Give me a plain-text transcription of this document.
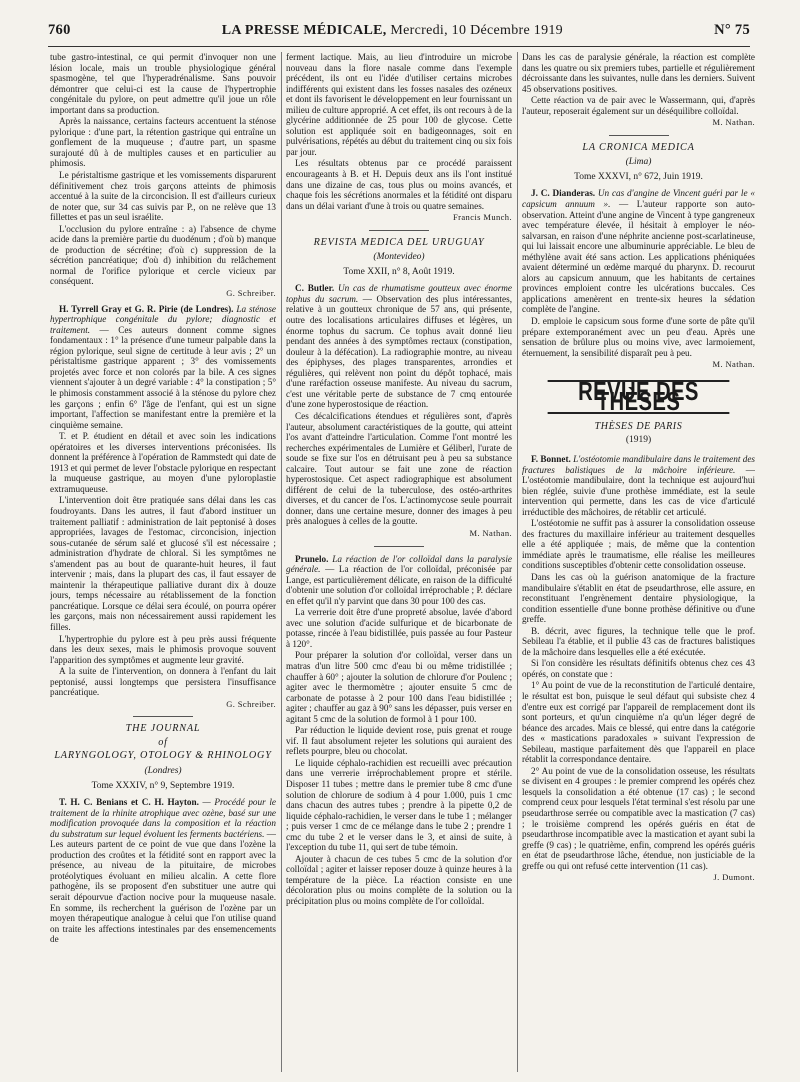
760	LA PRESSE MÉDICALE, Mercredi, 10 Décembre 1919	N° 75

tube gastro-intestinal, ce qui permit d'invoquer non une lésion locale, mais un trouble physiologique général spasmogène, tel que l'hyperadrénalisme. Sans pouvoir démontrer que celui-ci est la cause de l'hypertrophie congénitale du pylore, on peut admettre qu'il joue un rôle important dans sa production.

Après la naissance, certains facteurs accentuent la sténose pylorique : d'une part, la rétention gastrique qui entraîne un gonflement de la muqueuse ; d'autre part, un spasme surajouté dû à de multiples causes et en particulier au phimosis.

Le péristaltisme gastrique et les vomissements disparurent définitivement chez trois garçons atteints de phimosis accentué à la suite de la circoncision. Il est d'ailleurs curieux de noter que, sur 34 cas suivis par P., on ne relève que 13 fillettes et pas un seul israélite.

L'occlusion du pylore entraîne : a) l'absence de chyme acide dans la première partie du duodénum ; d'où b) manque de production de sécrétine; d'où c) suppression de la sécrétion pancréatique; d'où d) inhibition du relâchement normal de l'orifice pylorique et cercle vicieux par conséquent.

G. Schreiber.

H. Tyrrell Gray et G. R. Pirie (de Londres). La sténose hypertrophique congénitale du pylore; diagnostic et traitement. — Ces auteurs donnent comme signes fondamentaux : 1° la présence d'une tumeur palpable dans la région pylorique, seul signe de certitude à leur avis ; 2° un péristaltisme gastrique apparent ; 3° des vomissements projetés avec force et non colorés par la bile. A ces signes viennent s'ajouter à un degré variable : 4° la constipation ; 5° le phimosis constamment associé à la sténose du pylore chez les garçons ; enfin 6° l'âge de l'enfant, qui est un signe important, l'affection se manifestant entre la première et la cinquième semaine.

T. et P. étudient en détail et avec soin les indications opératoires et les diverses interventions préconisées. Ils donnent la préférence à l'opération de Rammstedt qui date de 1913 et qui permet de lever l'obstacle pylorique en respectant la muqueuse gastrique, au moyen d'une pyloroplastie extramuqueuse.

L'intervention doit être pratiquée sans délai dans les cas foudroyants. Dans les autres, il faut d'abord instituer un traitement palliatif : administration de lait peptonisé à doses appropriées, lavages de l'estomac, circoncision, injection sous-cutanée de sérum salé et glucosé s'il est nécessaire ; administration d'hydrate de chloral. Si les symptômes ne s'amendent pas au bout de quarante-huit heures, il faut intervenir ; mais, dans la plupart des cas, il faut essayer de maintenir la thérapeutique palliative durant dix à douze jours, temps nécessaire au rétablissement de la fonction pancréatique. Lorsque ce délai sera écoulé, on pourra opérer les garçons, mais non nécessairement aussi rapidement les filles.

L'hypertrophie du pylore est à peu près aussi fréquente dans les deux sexes, mais le phimosis provoque souvent l'apparition des symptômes et augmente leur gravité.

A la suite de l'intervention, on donnera à l'enfant du lait peptonisé, aussi longtemps que persistera l'insuffisance pancréatique.

G. Schreiber.
THE JOURNAL
of
LARYNGOLOGY, OTOLOGY & RHINOLOGY
(Londres)
Tome XXXIV, n° 9, Septembre 1919.

T. H. C. Benians et C. H. Hayton. — Procédé pour le traitement de la rhinite atrophique avec ozène, basé sur une modification provoquée dans la composition et la réaction du substratum sur lequel évoluent les ferments bactériens. — Les auteurs partent de ce point de vue que dans l'ozène la production des croûtes et la fétidité sont en rapport avec la présence, au niveau de la pituitaire, de microbes protéolytiques évoluant en milieu alcalin. A cette flore pathogène, ils se proposent d'en substituer une autre qui serait dépourvue d'action nocive pour la muqueuse nasale. En somme, ils recherchent la guérison de l'ozène par un moyen thérapeutique analogue à celui que l'on utilise quand on traite les affections intestinales par des ensemencements de

ferment lactique. Mais, au lieu d'introduire un microbe nouveau dans la flore nasale comme dans l'exemple précédent, ils ont eu l'idée d'utiliser certains microbes indifférents qui existent dans les fosses nasales des ozéneux et dont ils favorisent le développement en leur fournissant un milieu de culture approprié. A cet effet, ils ont recours à de la glycérine additionnée de 25 pour 100 de glycose. Cette solution est appliquée soit en badigeonnages, soit en pulvérisations, répétés au début du traitement cinq ou six fois par jour.

Les résultats obtenus par ce procédé paraissent encourageants à B. et H. Depuis deux ans ils l'ont institué dans une dizaine de cas, tous plus ou moins avancés, et chaque fois les sécrétions anormales et la fétidité ont disparu dans un délai variant d'une à trois ou quatre semaines.

Francis Munch.
REVISTA MEDICA DEL URUGUAY
(Montevideo)
Tome XXII, n° 8, Août 1919.

C. Butler. Un cas de rhumatisme goutteux avec énorme tophus du sacrum. — Observation des plus intéressantes, relative à un goutteux chronique de 57 ans, qui présente, outre des localisations articulaires diffuses et légères, un énorme tophus du sacrum. Ce tophus avait donné lieu pendant des années à des symptômes rectaux (constipation, douleur à la défécation). La radiographie montre, au niveau des épiphyses, des plages transparentes, arrondies et régulières, qui relèvent non point du dépôt tophacé, mais d'une raréfaction osseuse manifeste. Au niveau du sacrum, c'est une véritable perte de substance de 7 cmq entourée d'une zone hyperostosique de réaction.

Ces décalcifications étendues et régulières sont, d'après l'auteur, absolument caractéristiques de la goutte, qui atteint l'os avant d'atteindre l'articulation. Comme l'ont montré les recherches expérimentales de Lumière et Géliberl, l'urate de soude se fixe sur l'os en détruisant peu à peu sa substance calcaire. Tout autour se fait une zone de réaction hyperostosique. Cet aspect radiographique est absolument différent de celui de la tuberculose, des ostéo-arthrites diverses, et du cancer de l'os. L'actinomycose seule pourrait donner, dans une certaine mesure, donner des images à peu près analogues à celles de la goutte.

M. Nathan.

Prunelo. La réaction de l'or colloïdal dans la paralysie générale. — La réaction de l'or colloïdal, préconisée par Lange, est particulièrement délicate, en raison de la difficulté d'obtenir une solution d'or colloïdal irréprochable ; P. déclare en effet qu'il n'y parvint que dans 30 pour 100 des cas.

La verrerie doit être d'une propreté absolue, lavée d'abord avec une solution d'acide sulfurique et de bicarbonate de potasse, rincée à l'eau bidistillée, puis passée au four Pasteur à 120°.

Pour préparer la solution d'or colloïdal, verser dans un matras d'un litre 500 cmc d'eau bi ou même tridistillée ; chauffer à 60° ; ajouter la solution de chlorure d'or Poulenc ; agiter avec le thermomètre ; ajouter ensuite 5 cmc de carbonate de potasse à 2 pour 100 dans l'eau bidistillée ; agiter ; chauffer au gaz à 90° sans les dépasser, puis verser en agitant 5 cmc de la solution de formol à 1 pour 100.

Par réduction le liquide devient rose, puis grenat et rouge vif. Il faut absolument rejeter les solutions qui auraient des reflets pourpre, bleu ou chocolat.

Le liquide céphalo-rachidien est recueilli avec précaution dans une verrerie irréprochablement propre et stérile. Disposer 11 tubes ; mettre dans le premier tube 8 cmc d'une solution de chlorure de sodium à 4 pour 1.000, puis 1 cmc dans chacun des autres tubes ; prendre à la pipette 0,2 de liquide céphalo-rachidien, le verser dans le tube 1 ; mélanger ; puis verser 1 cmc de ce mélange dans le tube 2 ; prendre 1 cmc du tube 2 et le verser dans le 3, et ainsi de suite, à l'exception du tube 11, qui sert de tube témoin.

Ajouter à chacun de ces tubes 5 cmc de la solution d'or colloïdal ; agiter et laisser reposer douze à quinze heures à la température de la pièce. La réaction consiste en une décoloration plus ou moins complète de la solution ou la précipitation plus ou moins complète de l'or colloïdal.

Dans les cas de paralysie générale, la réaction est complète dans les quatre ou six premiers tubes, partielle et régulièrement décroissante dans les suivantes, nulle dans les derniers. Suivent 45 observations positives.

Cette réaction va de pair avec le Wassermann, qui, d'après l'auteur, reposerait également sur un déséquilibre colloïdal.

M. Nathan.
LA CRONICA MEDICA
(Lima)
Tome XXXVI, n° 672, Juin 1919.

J. C. Dianderas. Un cas d'angine de Vincent guéri par le « capsicum annuum ». — L'auteur rapporte son auto-observation. Atteint d'une angine de Vincent à type gangreneux avec température élevée, il hésitait à employer le néo-salvarsan, en raison d'une néphrite ancienne post-scarlatineuse, qui lui laissait encore une albuminurie appréciable. Le bleu de méthylène avait été sans action. Les applications phéniquées avaient déterminé un œdème marqué du pharynx. D. recourut alors au capsicum annuum, que les habitants de certaines provinces emploient contre les ulcérations buccales. Ces applications amenèrent en trente-six heures la sédation complète de l'angine.

D. emploie le capsicum sous forme d'une sorte de pâte qu'il prépare extemporanément avec un peu d'eau. Après une sensation de brûlure plus ou moins vive, avec larmoiement, éternuement, la sensibilité disparaît peu à peu.

M. Nathan.
REVUE DES THÈSES
THÈSES DE PARIS
(1919)

F. Bonnet. L'ostéotomie mandibulaire dans le traitement des fractures balistiques de la mâchoire inférieure. — L'ostéotomie mandibulaire, dont la technique est aujourd'hui bien réglée, suivie d'une prothèse immédiate, est la seule intervention qui permette, dans les cas de vice d'articulé irréductible des mâchoires, de rétablir cet articulé.

L'ostéotomie ne suffit pas à assurer la consolidation osseuse des fractures du maxillaire inférieur au traitement desquelles elle a été appliquée ; mais, de même que la contention immédiate après le traumatisme, elle réalise les meilleures conditions susceptibles d'obtenir cette consolidation osseuse.

Dans les cas où la guérison anatomique de la fracture mandibulaire s'établit en état de pseudarthrose, elle assure, en reconstituant l'engrènement dentaire physiologique, la condition essentielle d'une bonne prothèse définitive ou d'une greffe.

B. décrit, avec figures, la technique telle que le prof. Sebileau l'a établie, et il publie 43 cas de fractures balistiques de la mâchoire dans lesquelles elle a été exécutée.

Si l'on considère les résultats définitifs obtenus chez ces 43 opérés, on constate que :

1° Au point de vue de la reconstitution de l'articulé dentaire, le résultat est bon, puisque le seul défaut qui subsiste chez 4 d'entre eux est corrigé par l'appareil de remplacement dont ils sont porteurs, et qu'un cinquième n'a qu'un léger degré de béance des arcades. Mais ce blessé, qui entre dans la catégorie des « mastications paradoxales » suivant l'expression de Sebileau, mastique parfaitement dès que l'appareil en place rétablit la correspondance dentaire.

2° Au point de vue de la consolidation osseuse, les résultats se divisent en 4 groupes : le premier comprend les opérés chez lesquels la consolidation a été obtenue (17 cas) ; le second comprend ceux pour lesquels l'état terminal s'est résolu par une pseudarthrose serrée ou compatible avec la mastication (7 cas) ; le troisième comprend les opérés guéris en état de pseudarthrose incompatible avec la mastication et ayant subi la greffe (9 cas) ; le quatrième, enfin, comprend les opérés guéris en état de pseudarthrose lâche, étendue, non justiciable de la greffe ou qui ont refusé cette intervention (11 cas).

J. Dumont.
